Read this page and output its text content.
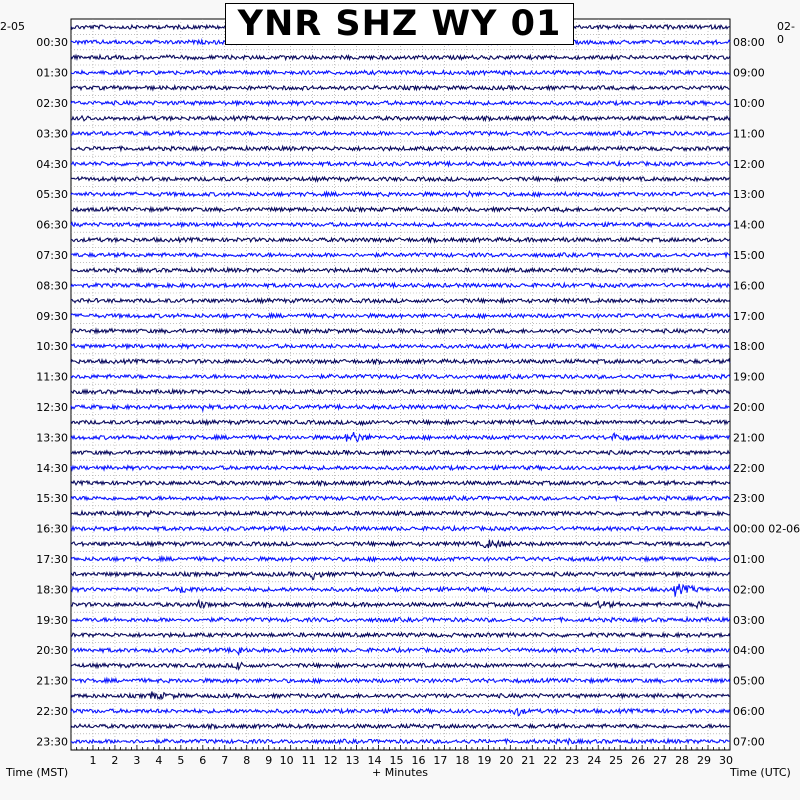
00:30
01:30
02:30
03:30
04:30
05:30
06:30
07:30
08:30
09:30
10:30
11:30
12:30
13:30
14:30
15:30
16:30
17:30
18:30
19:30
20:30
21:30
22:30
23:30
08:00
09:00
10:00
11:00
12:00
13:00
14:00
15:00
16:00
17:00
18:00
19:00
20:00
21:00
22:00
23:00
00:00 02-06
01:00
02:00
03:00
04:00
05:00
06:00
07:00
1 2 3 4 5 6 7 8 9 10 11 12 13 14 15 16 17 18 19 20 21 22 23 24 25 26 27 28 29 30
YNR SHZ WY 01
2-05	02-0
Time (MST)	+ Minutes	Time (UTC)
